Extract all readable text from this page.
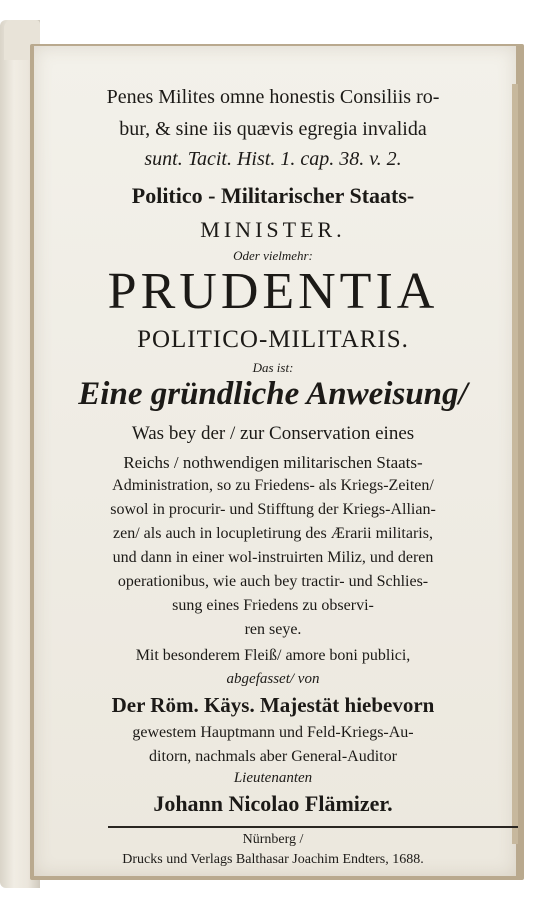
Penes Milites omne honestis Consiliis ro-
bur, & sine iis quævis egregia invalida
sunt. Tacit. Hist. 1. cap. 38. v. 2.
Politico - Militarischer Staats-
MINISTER.
Oder vielmehr:
PRUDENTIA
POLITICO-MILITARIS.
Das ist:
Eine gründliche Anweisung/
Was bey der / zur Conservation eines
Reichs / nothwendigen militarischen Staats-
Administration, so zu Friedens- als Kriegs-Zeiten/
sowol in procurir- und Stifftung der Kriegs-Allian-
zen/ als auch in locupletirung des Ærarii militaris,
und dann in einer wol-instruirten Miliz, und deren
operationibus, wie auch bey tractir- und Schlies-
sung eines Friedens zu observi-
ren seye.
Mit besonderem Fleiß/ amore boni publici,
abgefasset/ von
Der Röm. Käys. Majestät hiebevorn
gewestem Hauptmann und Feld-Kriegs-Au-
ditorn, nachmals aber General-Auditor
Lieutenanten
Johann Nicolao Flämizer.
Nürnberg /
Drucks und Verlags Balthasar Joachim Endters, 1688.
